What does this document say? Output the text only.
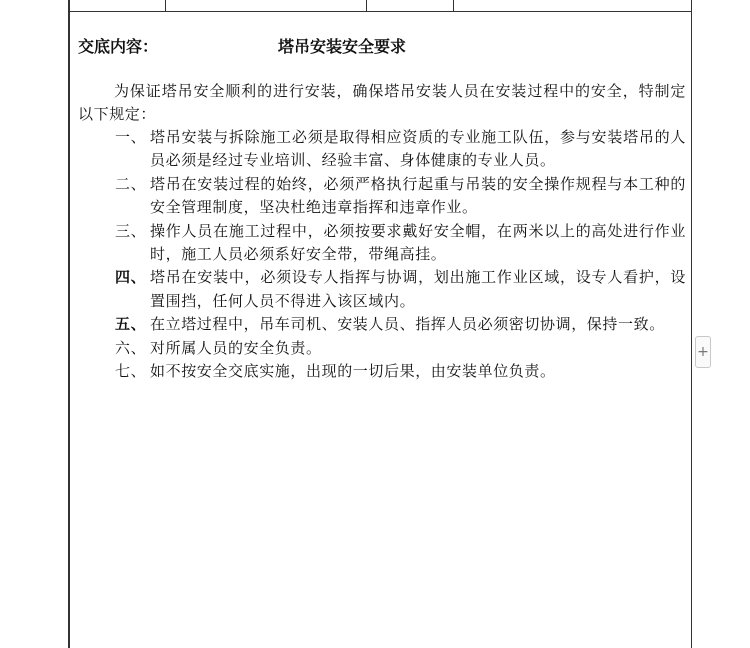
交底内容：	塔吊安装安全要求
为保证塔吊安全顺利的进行安装，确保塔吊安装人员在安装过程中的安全，特制定以下规定：
一、 塔吊安装与拆除施工必须是取得相应资质的专业施工队伍，参与安装塔吊的人员必须是经过专业培训、经验丰富、身体健康的专业人员。
二、 塔吊在安装过程的始终，必须严格执行起重与吊装的安全操作规程与本工种的安全管理制度，坚决杜绝违章指挥和违章作业。
三、 操作人员在施工过程中，必须按要求戴好安全帽，在两米以上的高处进行作业时，施工人员必须系好安全带，带绳高挂。
四、 塔吊在安装中，必须设专人指挥与协调，划出施工作业区域，设专人看护，设置围挡，任何人员不得进入该区域内。
五、 在立塔过程中，吊车司机、安装人员、指挥人员必须密切协调，保持一致。
六、 对所属人员的安全负责。
七、 如不按安全交底实施，出现的一切后果，由安装单位负责。
+
